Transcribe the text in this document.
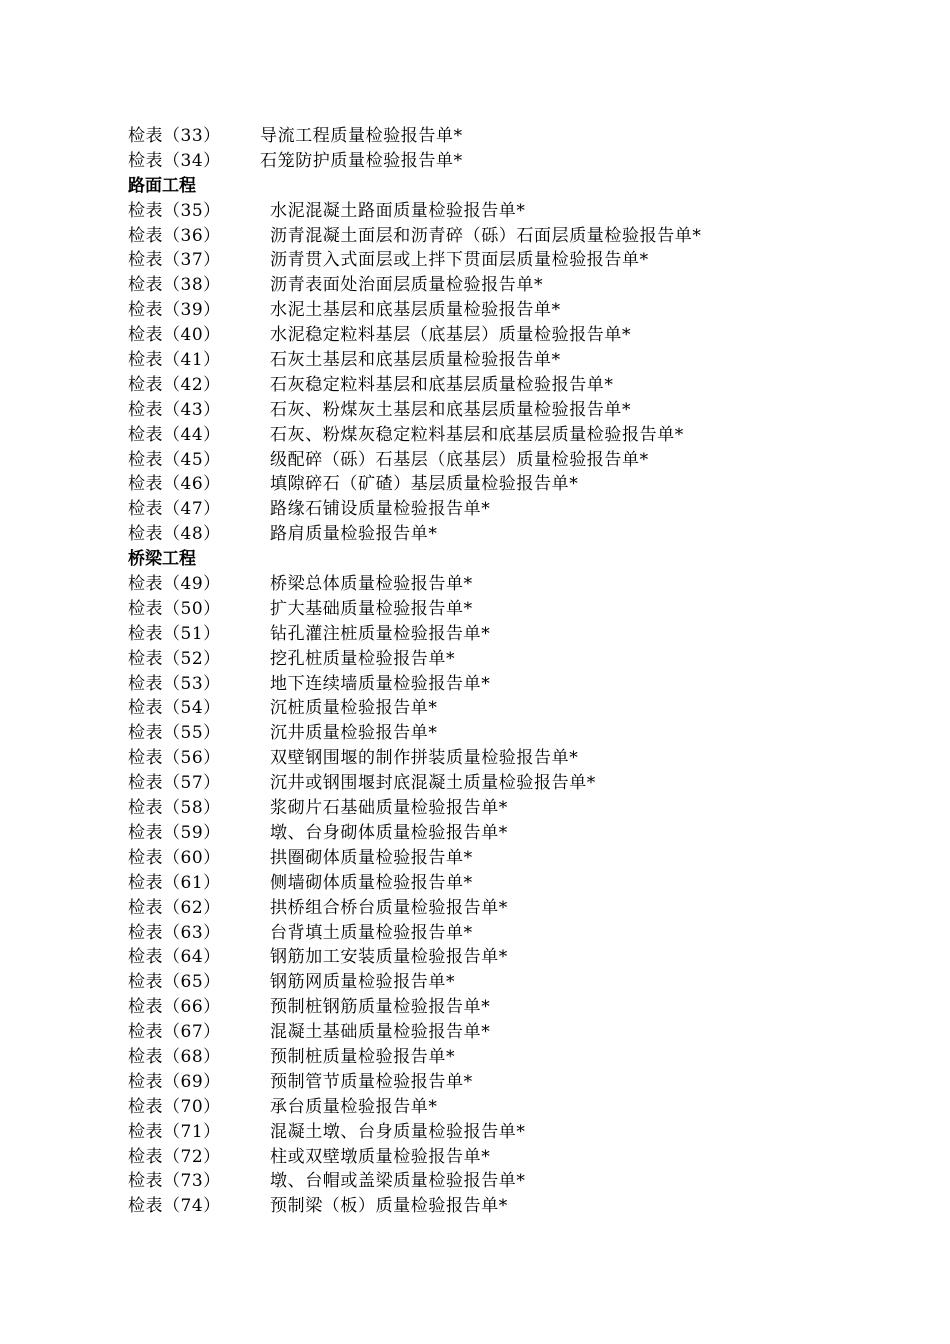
检表（33） 导流工程质量检验报告单*
检表（34） 石笼防护质量检验报告单*
路面工程
检表（35）	水泥混凝土路面质量检验报告单*
检表（36）	沥青混凝土面层和沥青碎（砾）石面层质量检验报告单*
检表（37）	沥青贯入式面层或上拌下贯面层质量检验报告单*
检表（38）	沥青表面处治面层质量检验报告单*
检表（39）	水泥土基层和底基层质量检验报告单*
检表（40）	水泥稳定粒料基层（底基层）质量检验报告单*
检表（41）	石灰土基层和底基层质量检验报告单*
检表（42）	石灰稳定粒料基层和底基层质量检验报告单*
检表（43）	石灰、粉煤灰土基层和底基层质量检验报告单*
检表（44）	石灰、粉煤灰稳定粒料基层和底基层质量检验报告单*
检表（45）	级配碎（砾）石基层（底基层）质量检验报告单*
检表（46）	填隙碎石（矿碴）基层质量检验报告单*
检表（47）	路缘石铺设质量检验报告单*
检表（48）	路肩质量检验报告单*
桥梁工程
检表（49）	桥梁总体质量检验报告单*
检表（50）	扩大基础质量检验报告单*
检表（51）	钻孔灌注桩质量检验报告单*
检表（52）	挖孔桩质量检验报告单*
检表（53）	地下连续墙质量检验报告单*
检表（54）	沉桩质量检验报告单*
检表（55）	沉井质量检验报告单*
检表（56）	双壁钢围堰的制作拼装质量检验报告单*
检表（57）	沉井或钢围堰封底混凝土质量检验报告单*
检表（58）	浆砌片石基础质量检验报告单*
检表（59）	墩、台身砌体质量检验报告单*
检表（60）	拱圈砌体质量检验报告单*
检表（61）	侧墙砌体质量检验报告单*
检表（62）	拱桥组合桥台质量检验报告单*
检表（63）	台背填土质量检验报告单*
检表（64）	钢筋加工安装质量检验报告单*
检表（65）	钢筋网质量检验报告单*
检表（66）	预制桩钢筋质量检验报告单*
检表（67）	混凝土基础质量检验报告单*
检表（68）	预制桩质量检验报告单*
检表（69）	预制管节质量检验报告单*
检表（70）	承台质量检验报告单*
检表（71）	混凝土墩、台身质量检验报告单*
检表（72）	柱或双壁墩质量检验报告单*
检表（73）	墩、台帽或盖梁质量检验报告单*
检表（74）	预制梁（板）质量检验报告单*
